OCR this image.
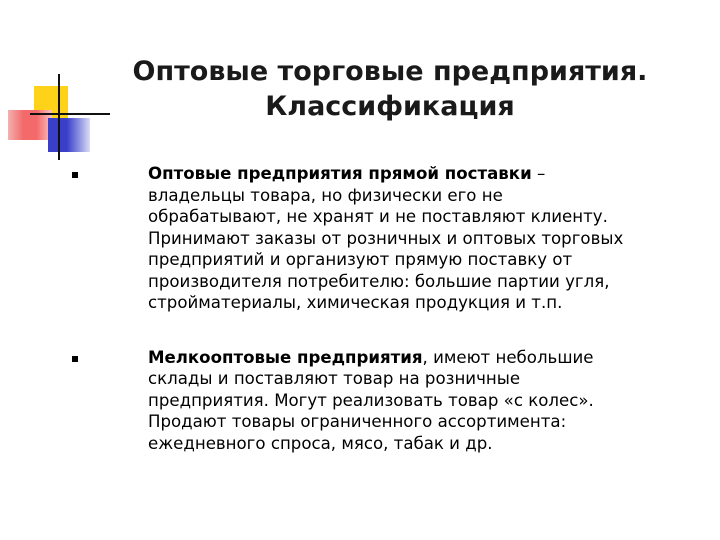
Оптовые торговые предприятия.
Классификация
Оптовые предприятия прямой поставки – владельцы товара, но физически его не обрабатывают, не хранят и не поставляют клиенту. Принимают заказы от розничных и оптовых торговых предприятий и организуют прямую поставку от производителя потребителю: большие партии угля, стройматериалы, химическая продукция и т.п.
Мелкооптовые предприятия, имеют небольшие склады и поставляют товар на розничные предприятия. Могут реализовать товар «с колес». Продают товары ограниченного ассортимента: ежедневного спроса, мясо, табак и др.
